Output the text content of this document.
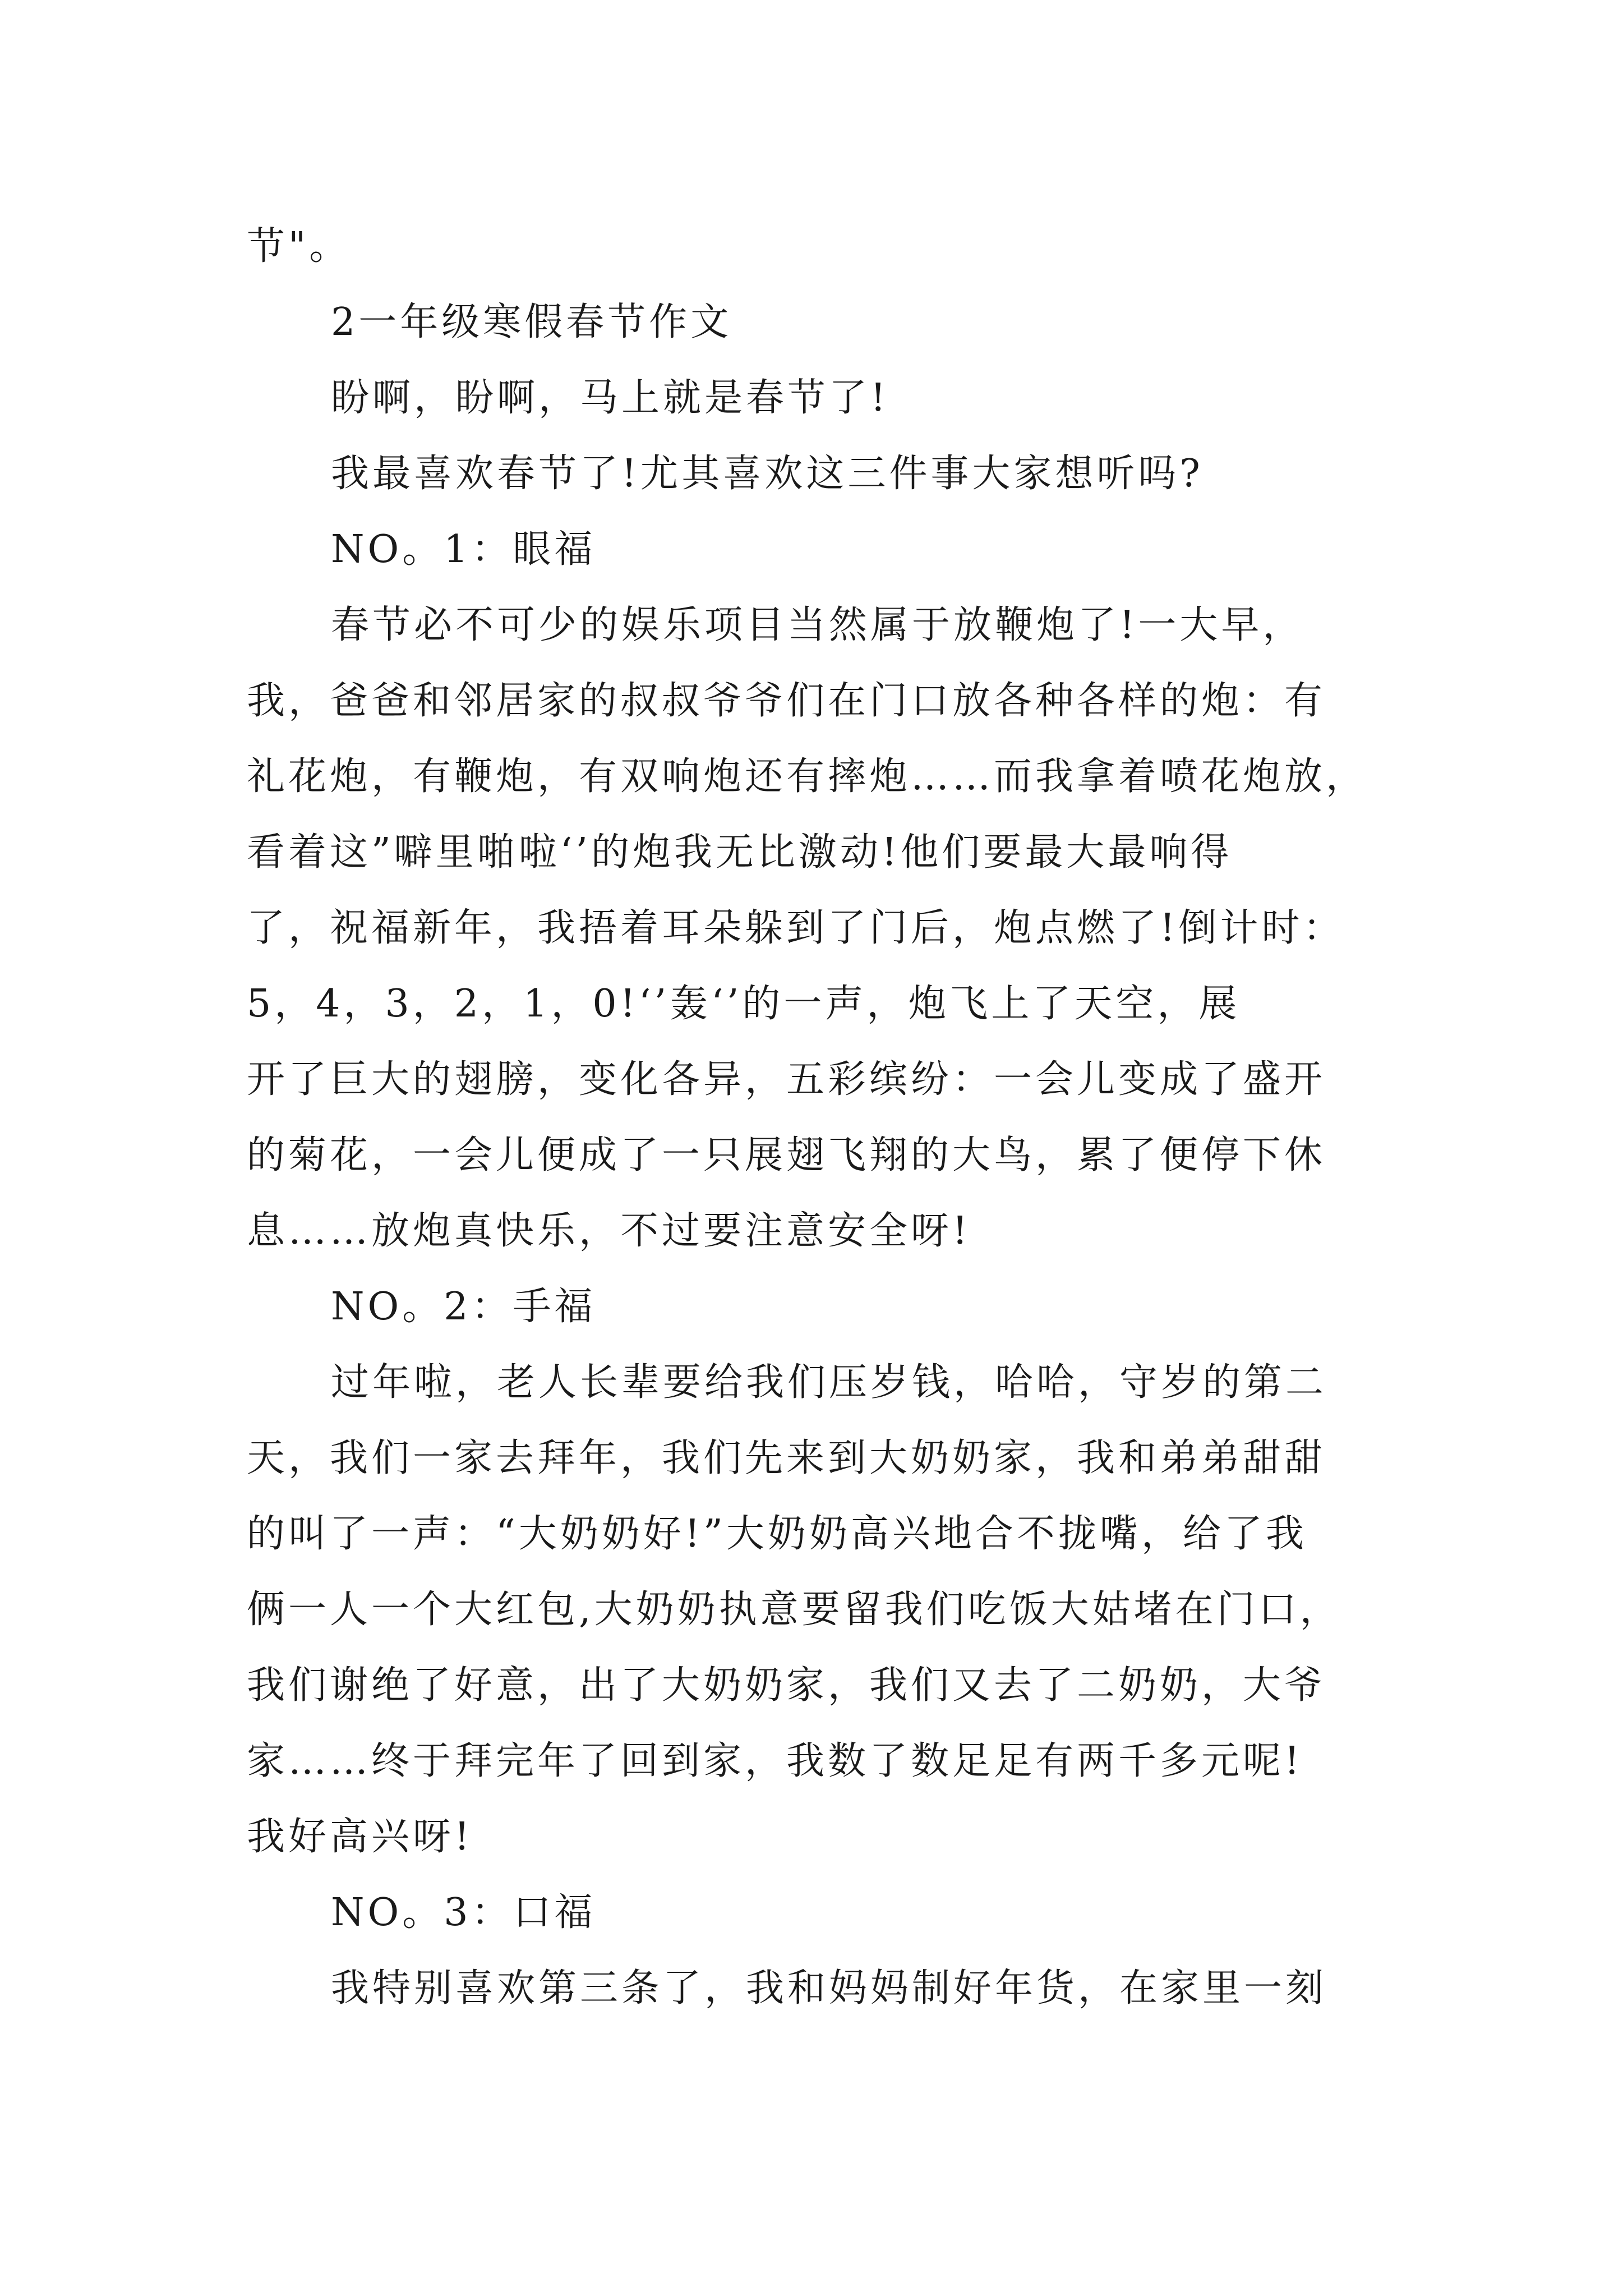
节"。
2一年级寒假春节作文
盼啊，盼啊，马上就是春节了!
我最喜欢春节了!尤其喜欢这三件事大家想听吗?
NO。1：眼福
春节必不可少的娱乐项目当然属于放鞭炮了!一大早，
我，爸爸和邻居家的叔叔爷爷们在门口放各种各样的炮：有
礼花炮，有鞭炮，有双响炮还有摔炮……而我拿着喷花炮放，
看着这”噼里啪啦‘’的炮我无比激动!他们要最大最响得
了，祝福新年，我捂着耳朵躲到了门后，炮点燃了!倒计时：
5，4，3，2，1，0!‘’轰‘’的一声，炮飞上了天空，展
开了巨大的翅膀，变化各异，五彩缤纷：一会儿变成了盛开
的菊花，一会儿便成了一只展翅飞翔的大鸟，累了便停下休
息……放炮真快乐，不过要注意安全呀!
NO。2：手福
过年啦，老人长辈要给我们压岁钱，哈哈，守岁的第二
天，我们一家去拜年，我们先来到大奶奶家，我和弟弟甜甜
的叫了一声：“大奶奶好!”大奶奶高兴地合不拢嘴，给了我
俩一人一个大红包,大奶奶执意要留我们吃饭大姑堵在门口，
我们谢绝了好意，出了大奶奶家，我们又去了二奶奶，大爷
家……终于拜完年了回到家，我数了数足足有两千多元呢!
我好高兴呀!
NO。3：口福
我特别喜欢第三条了，我和妈妈制好年货，在家里一刻
